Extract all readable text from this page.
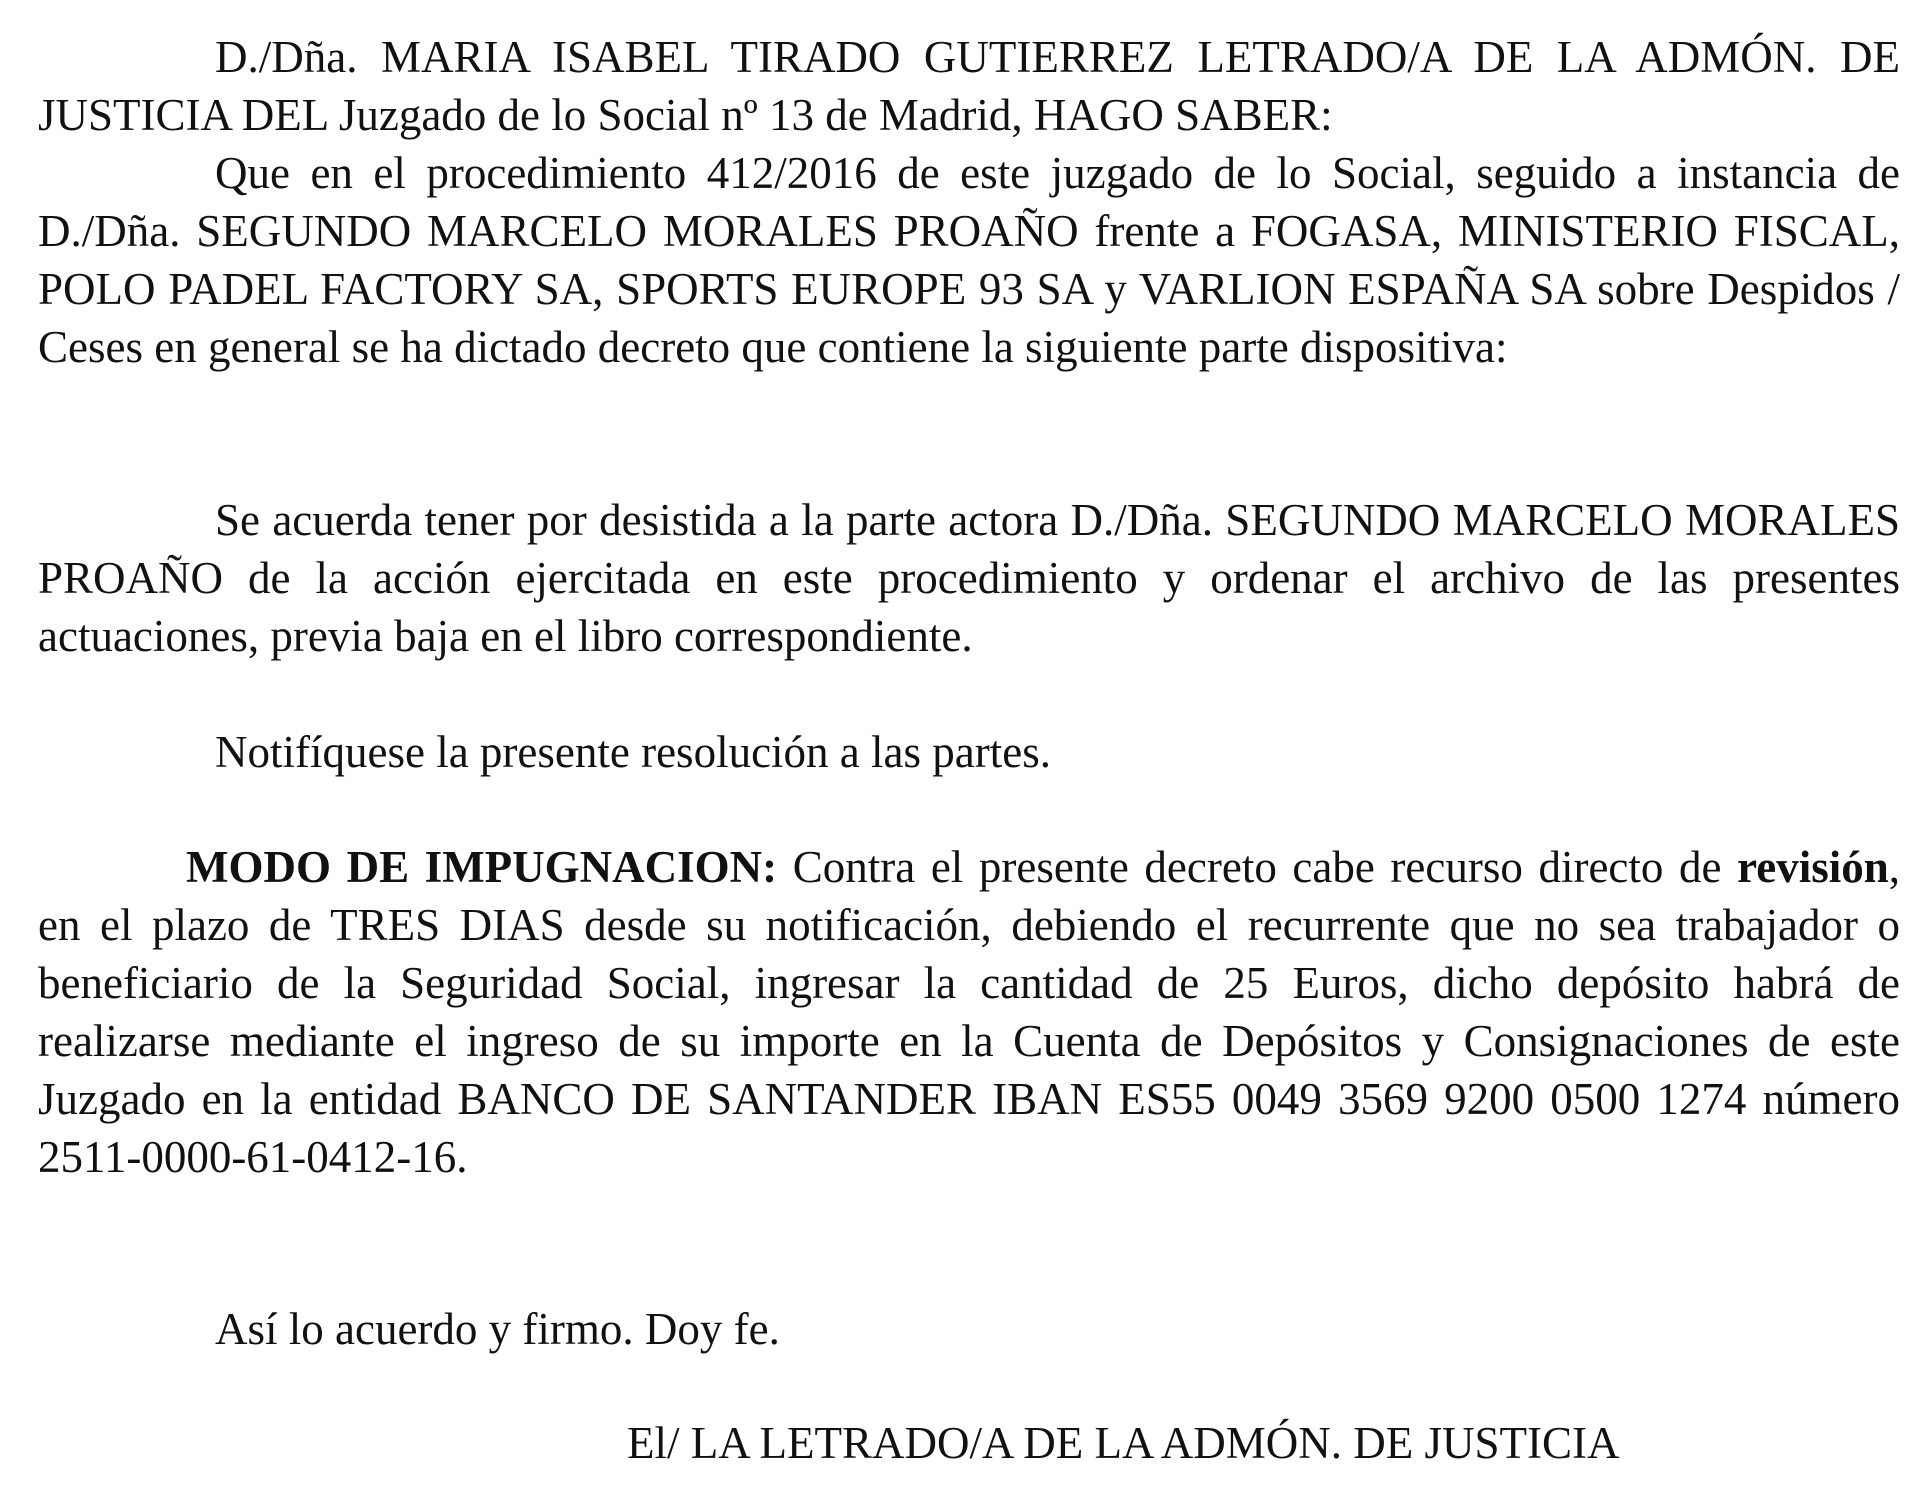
D./Dña. MARIA ISABEL TIRADO GUTIERREZ LETRADO/A DE LA ADMÓN. DE JUSTICIA DEL Juzgado de lo Social nº 13 de Madrid, HAGO SABER:

Que en el procedimiento 412/2016 de este juzgado de lo Social, seguido a instancia de D./Dña. SEGUNDO MARCELO MORALES PROAÑO frente a FOGASA, MINISTERIO FISCAL, POLO PADEL FACTORY SA, SPORTS EUROPE 93 SA y VARLION ESPAÑA SA sobre Despidos / Ceses en general se ha dictado decreto que contiene la siguiente parte dispositiva:

Se acuerda tener por desistida a la parte actora D./Dña. SEGUNDO MARCELO MORALES PROAÑO de la acción ejercitada en este procedimiento y ordenar el archivo de las presentes actuaciones, previa baja en el libro correspondiente.

Notifíquese la presente resolución a las partes.

MODO DE IMPUGNACION: Contra el presente decreto cabe recurso directo de revisión, en el plazo de TRES DIAS desde su notificación, debiendo el recurrente que no sea trabajador o beneficiario de la Seguridad Social, ingresar la cantidad de 25 Euros, dicho depósito habrá de realizarse mediante el ingreso de su importe en la Cuenta de Depósitos y Consignaciones de este Juzgado en la entidad BANCO DE SANTANDER IBAN ES55 0049 3569 9200 0500 1274 número 2511-0000-61-0412-16.

Así lo acuerdo y firmo. Doy fe.

El/ LA LETRADO/A DE LA ADMÓN. DE JUSTICIA
